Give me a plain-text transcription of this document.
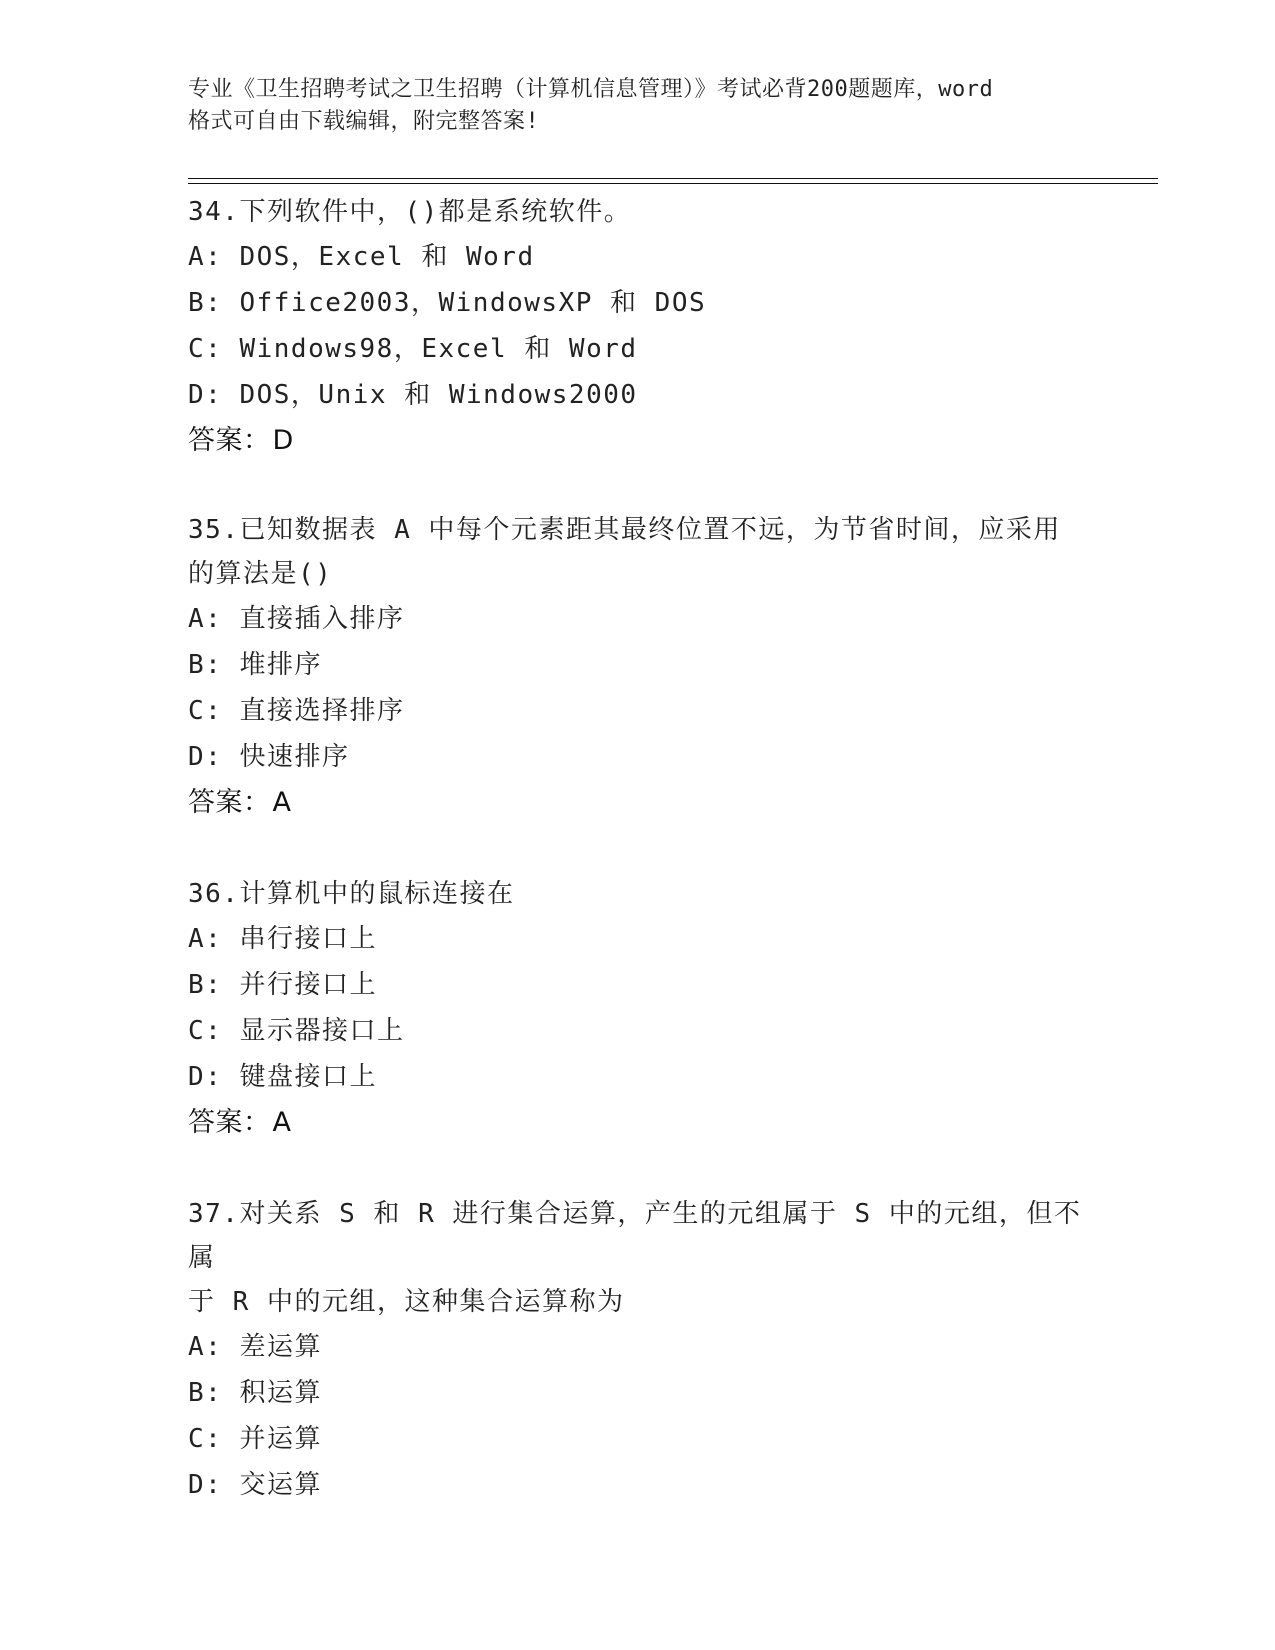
专业《卫生招聘考试之卫生招聘（计算机信息管理）》考试必背200题题库，word
格式可自由下载编辑，附完整答案!

34.下列软件中，()都是系统软件。

A: DOS，Excel 和 Word

B: Office2003，WindowsXP 和 DOS

C: Windows98，Excel 和 Word

D: DOS，Unix 和 Windows2000

答案：D

35.已知数据表 A 中每个元素距其最终位置不远，为节省时间，应采用

的算法是()

A: 直接插入排序

B: 堆排序

C: 直接选择排序

D: 快速排序

答案：A

36.计算机中的鼠标连接在

A: 串行接口上

B: 并行接口上

C: 显示器接口上

D: 键盘接口上

答案：A

37.对关系 S 和 R 进行集合运算，产生的元组属于 S 中的元组，但不属

于 R 中的元组，这种集合运算称为

A: 差运算

B: 积运算

C: 并运算

D: 交运算
